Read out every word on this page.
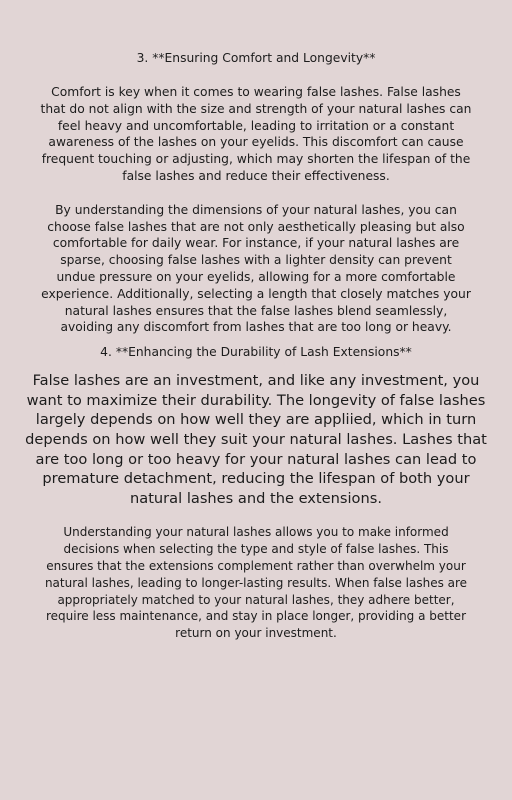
3. **Ensuring Comfort and Longevity**

Comfort is key when it comes to wearing false lashes. False lashes that do not align with the size and strength of your natural lashes can feel heavy and uncomfortable, leading to irritation or a constant awareness of the lashes on your eyelids. This discomfort can cause frequent touching or adjusting, which may shorten the lifespan of the false lashes and reduce their effectiveness.

By understanding the dimensions of your natural lashes, you can choose false lashes that are not only aesthetically pleasing but also comfortable for daily wear. For instance, if your natural lashes are sparse, choosing false lashes with a lighter density can prevent undue pressure on your eyelids, allowing for a more comfortable experience. Additionally, selecting a length that closely matches your natural lashes ensures that the false lashes blend seamlessly, avoiding any discomfort from lashes that are too long or heavy.

4. **Enhancing the Durability of Lash Extensions**

False lashes are an investment, and like any investment, you want to maximize their durability. The longevity of false lashes largely depends on how well they are appliied, which in turn depends on how well they suit your natural lashes. Lashes that are too long or too heavy for your natural lashes can lead to premature detachment, reducing the lifespan of both your natural lashes and the extensions.

Understanding your natural lashes allows you to make informed decisions when selecting the type and style of false lashes. This ensures that the extensions complement rather than overwhelm your natural lashes, leading to longer-lasting results. When false lashes are appropriately matched to your natural lashes, they adhere better, require less maintenance, and stay in place longer, providing a better return on your investment.
